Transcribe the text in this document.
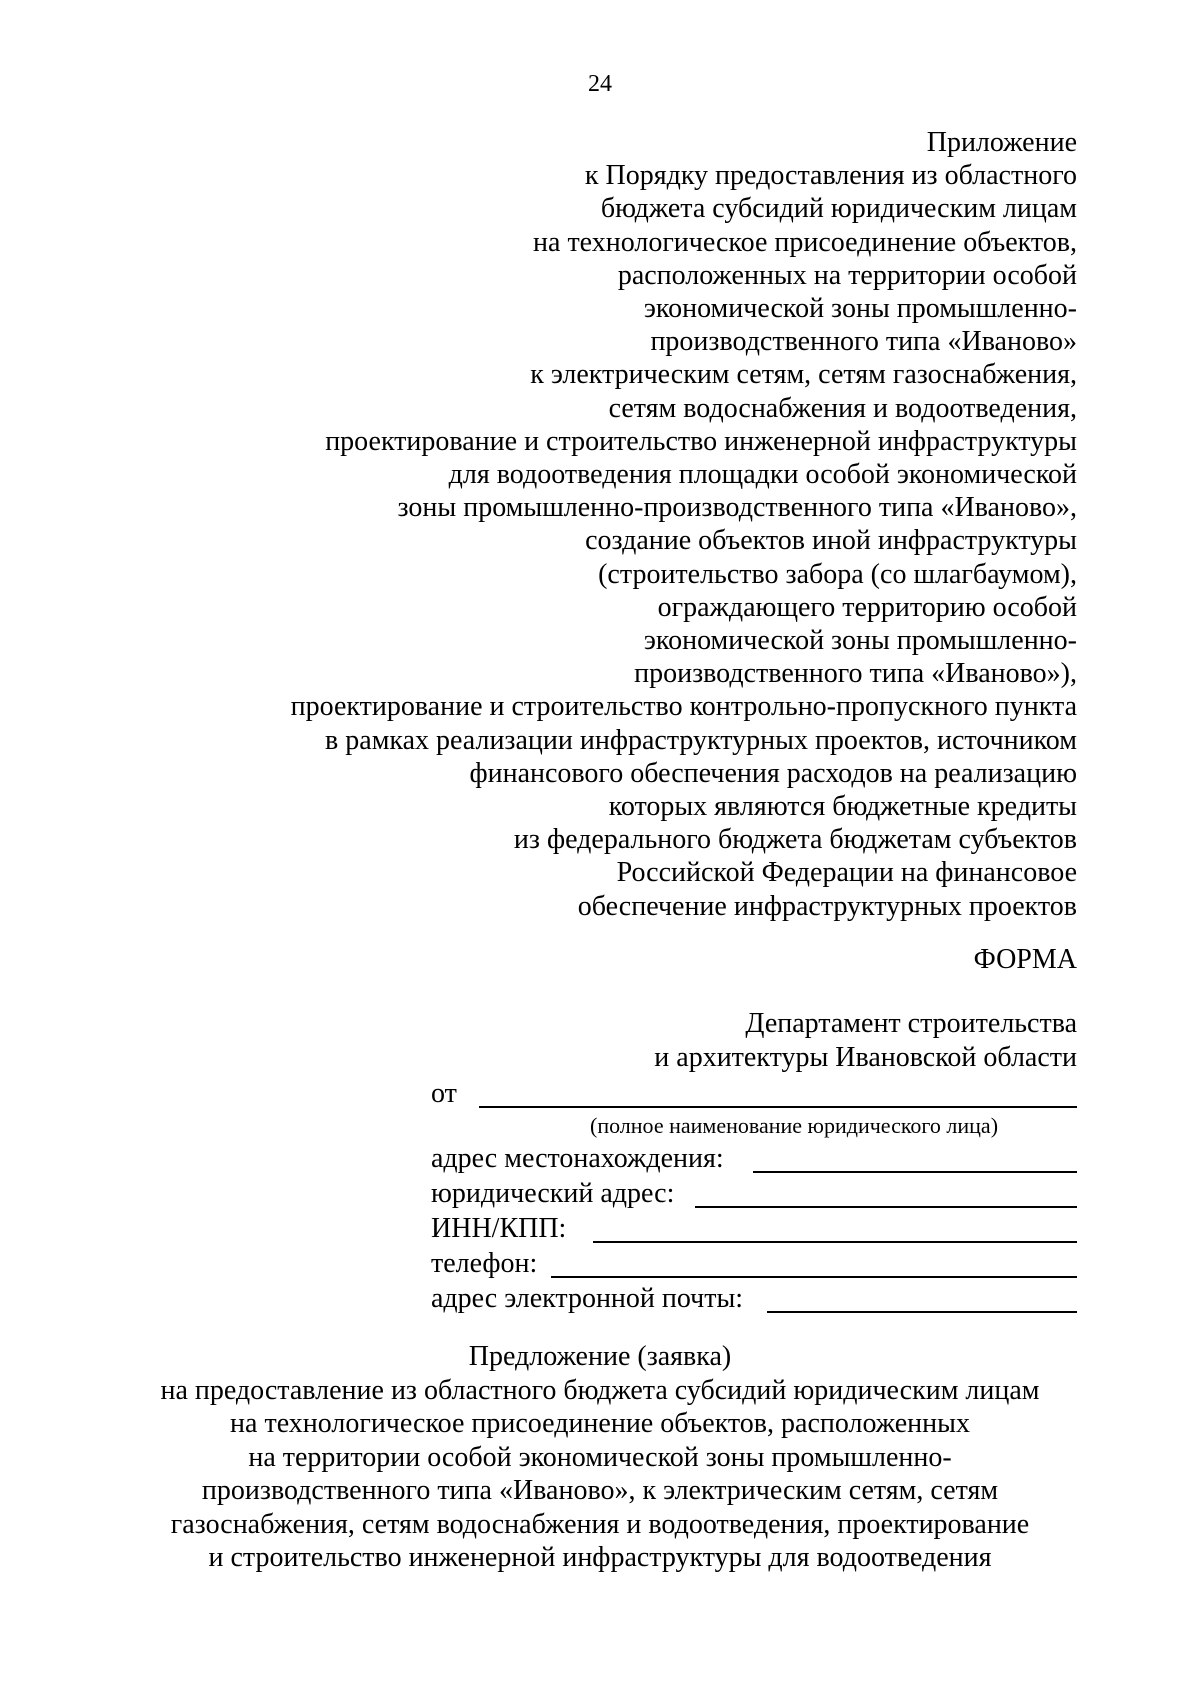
24
Приложение
к Порядку предоставления из областного
бюджета субсидий юридическим лицам
на технологическое присоединение объектов,
расположенных на территории особой
экономической зоны промышленно-
производственного типа «Иваново»
к электрическим сетям, сетям газоснабжения,
сетям водоснабжения и водоотведения,
проектирование и строительство инженерной инфраструктуры
для водоотведения площадки особой экономической
зоны промышленно-производственного типа «Иваново»,
создание объектов иной инфраструктуры
(строительство забора (со шлагбаумом),
ограждающего территорию особой
экономической зоны промышленно-
производственного типа «Иваново»),
проектирование и строительство контрольно-пропускного пункта
в рамках реализации инфраструктурных проектов, источником
финансового обеспечения расходов на реализацию
которых являются бюджетные кредиты
из федерального бюджета бюджетам субъектов
Российской Федерации на финансовое
обеспечение инфраструктурных проектов
ФОРМА
Департамент строительства
и архитектуры Ивановской области
от
(полное наименование юридического лица)
адрес местонахождения:
юридический адрес:
ИНН/КПП:
телефон:
адрес электронной почты:
Предложение (заявка)
на предоставление из областного бюджета субсидий юридическим лицам
на технологическое присоединение объектов, расположенных
на территории особой экономической зоны промышленно-
производственного типа «Иваново», к электрическим сетям, сетям
газоснабжения, сетям водоснабжения и водоотведения, проектирование
и строительство инженерной инфраструктуры для водоотведения
